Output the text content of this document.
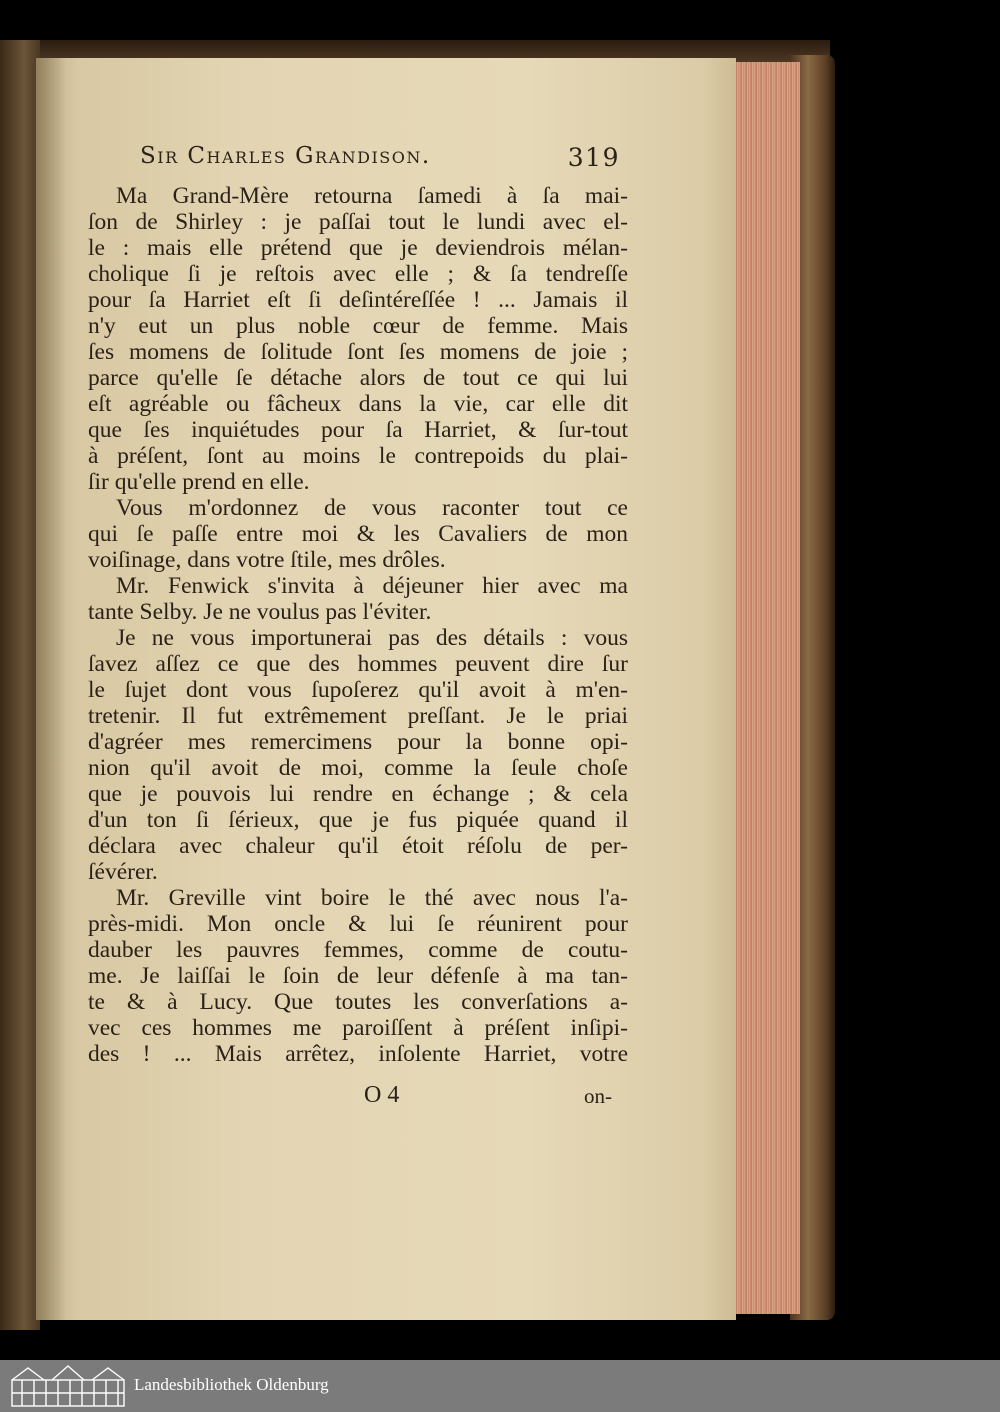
Sir Charles Grandison.	319
Ma Grand-Mère retourna ſamedi à ſa mai-
ſon de Shirley : je paſſai tout le lundi avec el-
le : mais elle prétend que je deviendrois mélan-
cholique ſi je reſtois avec elle ; & ſa tendreſſe
pour ſa Harriet eſt ſi deſintéreſſée ! ... Jamais il
n'y eut un plus noble cœur de femme. Mais
ſes momens de ſolitude ſont ſes momens de joie ;
parce qu'elle ſe détache alors de tout ce qui lui
eſt agréable ou fâcheux dans la vie, car elle dit
que ſes inquiétudes pour ſa Harriet, & ſur-tout
à préſent, ſont au moins le contrepoids du plai-
ſir qu'elle prend en elle.
Vous m'ordonnez de vous raconter tout ce
qui ſe paſſe entre moi & les Cavaliers de mon
voiſinage, dans votre ſtile, mes drôles.
Mr. Fenwick s'invita à déjeuner hier avec ma
tante Selby. Je ne voulus pas l'éviter.
Je ne vous importunerai pas des détails : vous
ſavez aſſez ce que des hommes peuvent dire ſur
le ſujet dont vous ſupoſerez qu'il avoit à m'en-
tretenir. Il fut extrêmement preſſant. Je le priai
d'agréer mes remercimens pour la bonne opi-
nion qu'il avoit de moi, comme la ſeule choſe
que je pouvois lui rendre en échange ; & cela
d'un ton ſi ſérieux, que je fus piquée quand il
déclara avec chaleur qu'il étoit réſolu de per-
ſévérer.
Mr. Greville vint boire le thé avec nous l'a-
près-midi. Mon oncle & lui ſe réunirent pour
dauber les pauvres femmes, comme de coutu-
me. Je laiſſai le ſoin de leur défenſe à ma tan-
te & à Lucy. Que toutes les converſations a-
vec ces hommes me paroiſſent à préſent inſipi-
des ! ... Mais arrêtez, inſolente Harriet, votre
O 4	on-
Landesbibliothek Oldenburg
